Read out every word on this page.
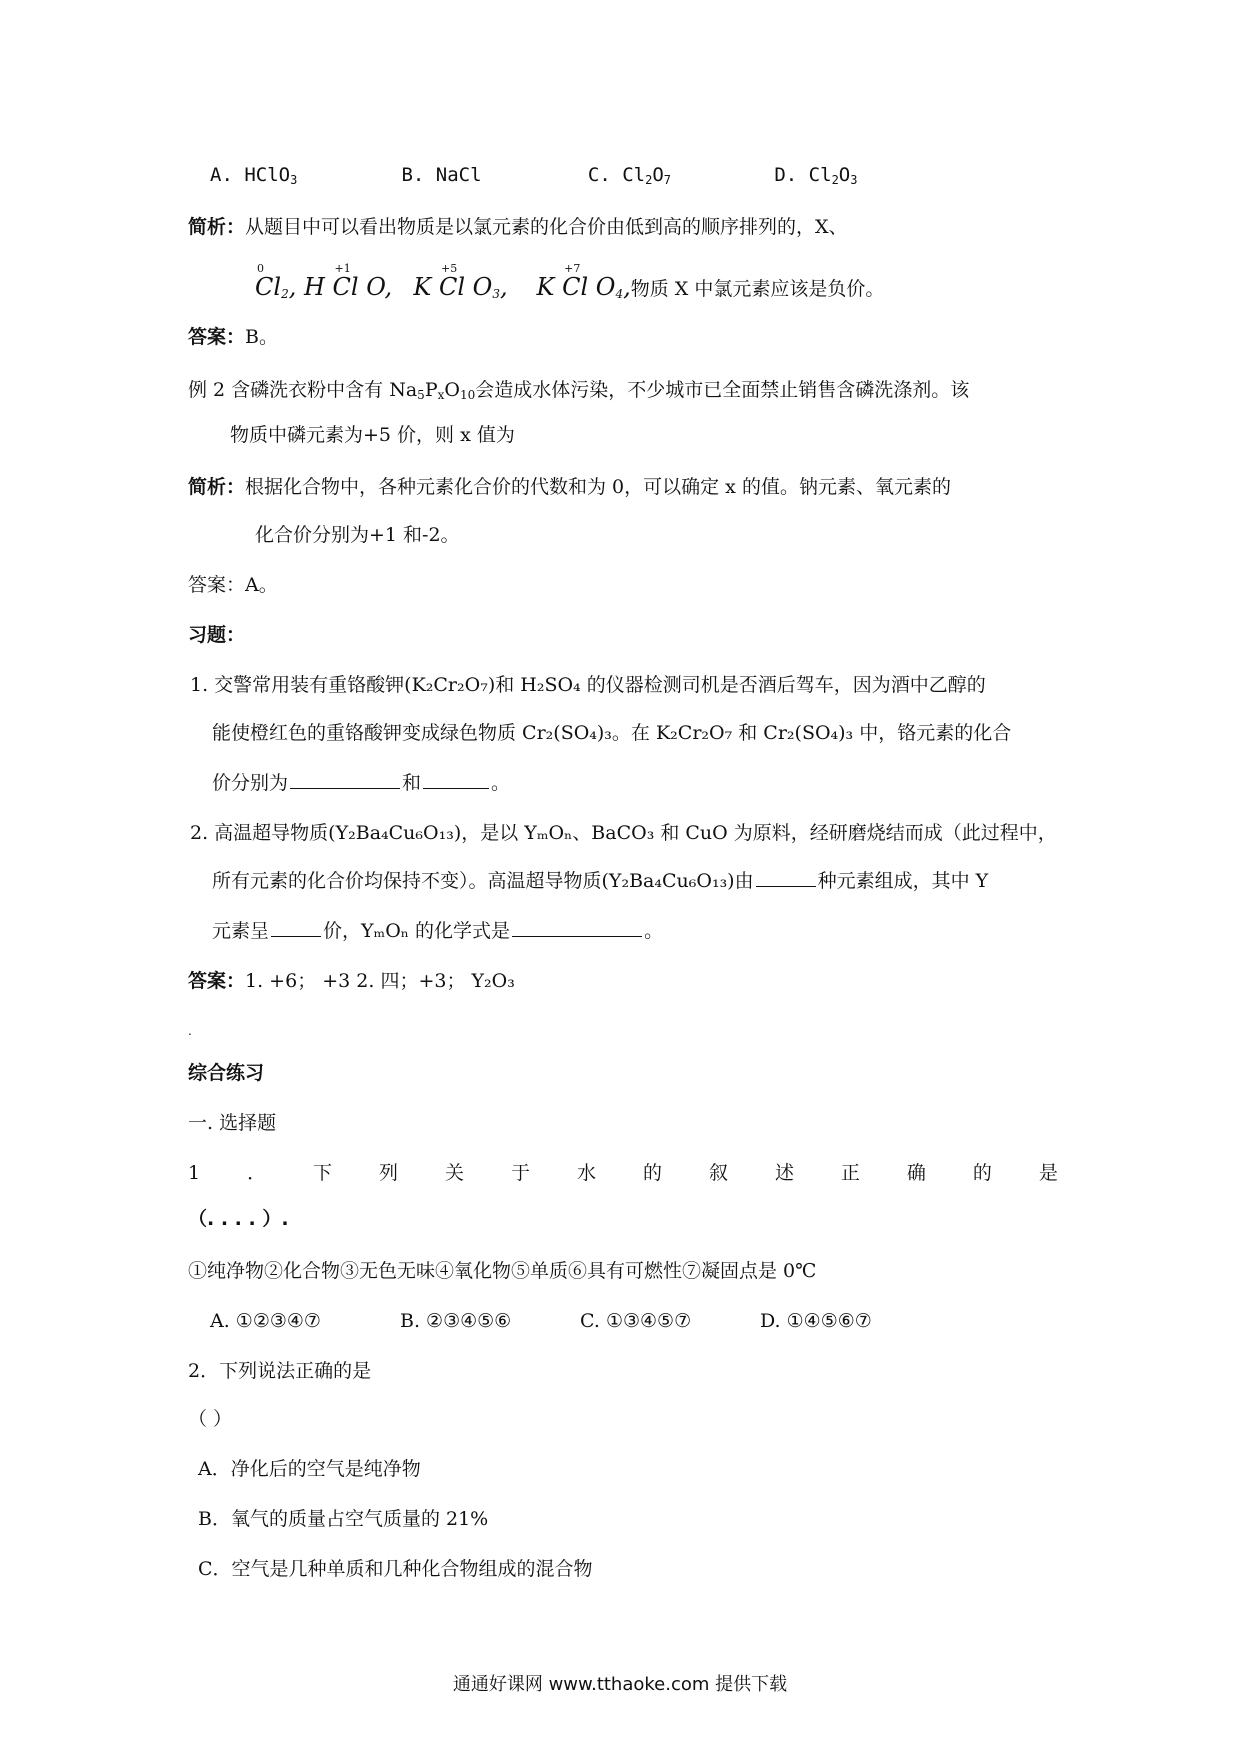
A. HClO$_3$	B. NaCl	C. $Cl_2O_7$	D. $Cl_2O_3$
简析：从题目中可以看出物质是以氯元素的化合价由低到高的顺序排列的，X、
C
0
$l_2$, H C
+1
l O,   K C
+5
l $O_3$,    K C
+7
l $O_4$,物质 X 中氯元素应该是负价。
答案：B。
例 2 含磷洗衣粉中含有 $Na_5P_xO_{10}$会造成水体污染，不少城市已全面禁止销售含磷洗涤剂。该
物质中磷元素为+5 价，则 x 值为
简析：根据化合物中，各种元素化合价的代数和为 0，可以确定 x 的值。钠元素、氧元素的
化合价分别为+1 和-2。
答案：A。
习题：
1. 交警常用装有重铬酸钾(K₂Cr₂O₇)和 H₂SO₄ 的仪器检测司机是否酒后驾车，因为酒中乙醇的
能使橙红色的重铬酸钾变成绿色物质 Cr₂(SO₄)₃。在 K₂Cr₂O₇ 和 Cr₂(SO₄)₃ 中，铬元素的化合
价分别为	和	。
2. 高温超导物质(Y₂Ba₄Cu₆O₁₃)，是以 YₘOₙ、BaCO₃ 和 CuO 为原料，经研磨烧结而成（此过程中，
所有元素的化合价均保持不变）。高温超导物质(Y₂Ba₄Cu₆O₁₃)由	种元素组成，其中 Y
元素呈	价，YₘOₙ 的化学式是	。
答案：1. +6； +3 2. 四；+3； Y₂O₃
.
综合练习
一. 选择题
1 ． 下 列 关 于 水 的 叙 述 正 确 的 是
（. . . . ）.
①纯净物②化合物③无色无味④氧化物⑤单质⑥具有可燃性⑦凝固点是 0℃
A. ①②③④⑦	B. ②③④⑤⑥	C. ①③④⑤⑦	D. ①④⑤⑥⑦
2．下列说法正确的是
（ ）
A．净化后的空气是纯净物
B．氧气的质量占空气质量的 21%
C．空气是几种单质和几种化合物组成的混合物
通通好课网 www.tthaoke.com 提供下载
